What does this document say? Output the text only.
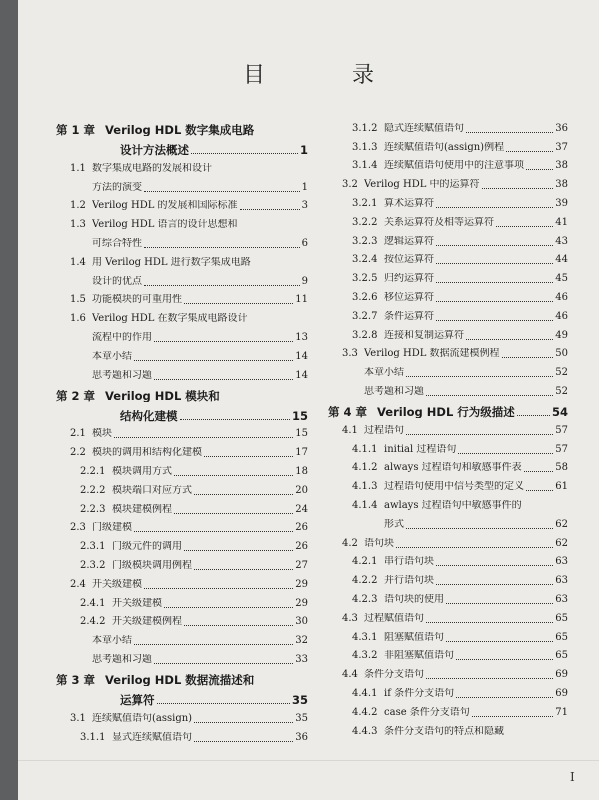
目 录
第 1 章 Verilog HDL 数字集成电路
设计方法概述	1
1.1 数字集成电路的发展和设计
方法的演变	1
1.2 Verilog HDL 的发展和国际标准	3
1.3 Verilog HDL 语言的设计思想和
可综合特性	6
1.4 用 Verilog HDL 进行数字集成电路
设计的优点	9
1.5 功能模块的可重用性	11
1.6 Verilog HDL 在数字集成电路设计
流程中的作用	13
本章小结	14
思考题和习题	14
第 2 章 Verilog HDL 模块和
结构化建模	15
2.1 模块	15
2.2 模块的调用和结构化建模	17
2.2.1 模块调用方式	18
2.2.2 模块端口对应方式	20
2.2.3 模块建模例程	24
2.3 门级建模	26
2.3.1 门级元件的调用	26
2.3.2 门级模块调用例程	27
2.4 开关级建模	29
2.4.1 开关级建模	29
2.4.2 开关级建模例程	30
本章小结	32
思考题和习题	33
第 3 章 Verilog HDL 数据流描述和
运算符	35
3.1 连续赋值语句(assign)	35
3.1.1 显式连续赋值语句	36
3.1.2 隐式连续赋值语句	36
3.1.3 连续赋值语句(assign)例程	37
3.1.4 连续赋值语句使用中的注意事项	38
3.2 Verilog HDL 中的运算符	38
3.2.1 算术运算符	39
3.2.2 关系运算符及相等运算符	41
3.2.3 逻辑运算符	43
3.2.4 按位运算符	44
3.2.5 归约运算符	45
3.2.6 移位运算符	46
3.2.7 条件运算符	46
3.2.8 连接和复制运算符	49
3.3 Verilog HDL 数据流建模例程	50
本章小结	52
思考题和习题	52
第 4 章 Verilog HDL 行为级描述	54
4.1 过程语句	57
4.1.1 initial 过程语句	57
4.1.2 always 过程语句和敏感事件表	58
4.1.3 过程语句使用中信号类型的定义	61
4.1.4 awlays 过程语句中敏感事件的
形式	62
4.2 语句块	62
4.2.1 串行语句块	63
4.2.2 并行语句块	63
4.2.3 语句块的使用	63
4.3 过程赋值语句	65
4.3.1 阻塞赋值语句	65
4.3.2 非阻塞赋值语句	65
4.4 条件分支语句	69
4.4.1 if 条件分支语句	69
4.4.2 case 条件分支语句	71
4.4.3 条件分支语句的特点和隐藏
I
